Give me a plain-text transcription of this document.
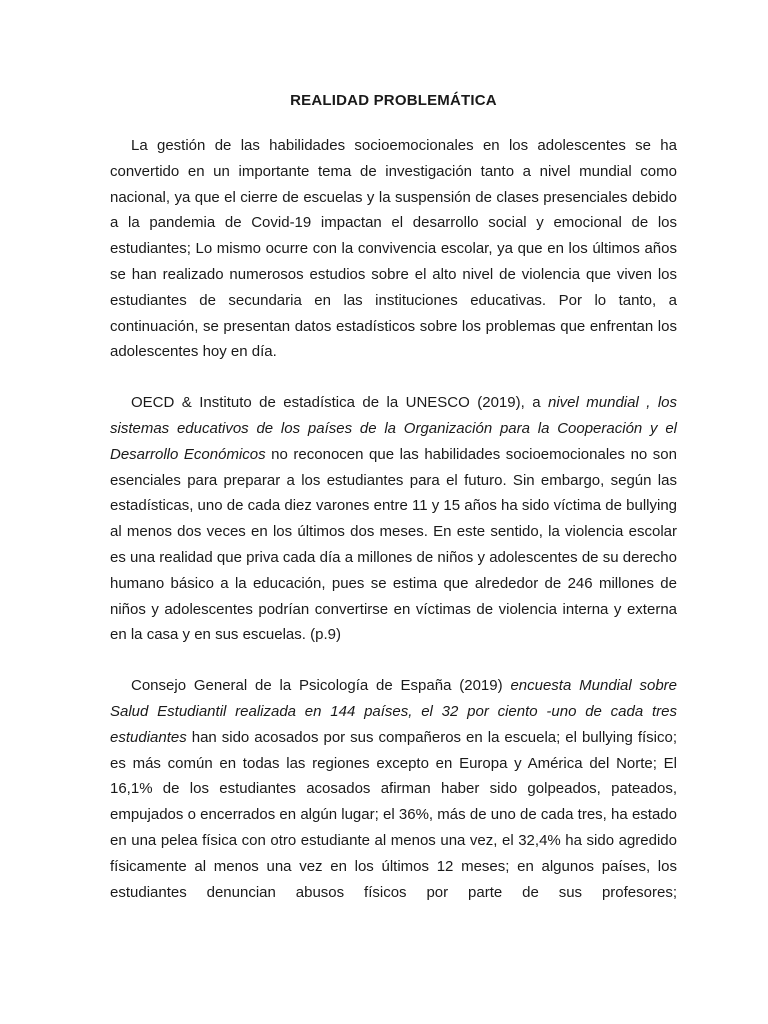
REALIDAD PROBLEMÁTICA

La gestión de las habilidades socioemocionales en los adolescentes se ha convertido en un importante tema de investigación tanto a nivel mundial como nacional, ya que el cierre de escuelas y la suspensión de clases presenciales debido a la pandemia de Covid-19 impactan el desarrollo social y emocional de los estudiantes; Lo mismo ocurre con la convivencia escolar, ya que en los últimos años se han realizado numerosos estudios sobre el alto nivel de violencia que viven los estudiantes de secundaria en las instituciones educativas. Por lo tanto, a continuación, se presentan datos estadísticos sobre los problemas que enfrentan los adolescentes hoy en día.

OECD & Instituto de estadística de la UNESCO (2019), a nivel mundial , los sistemas educativos de los países de la Organización para la Cooperación y el Desarrollo Económicos no reconocen que las habilidades socioemocionales no son esenciales para preparar a los estudiantes para el futuro. Sin embargo, según las estadísticas, uno de cada diez varones entre 11 y 15 años ha sido víctima de bullying al menos dos veces en los últimos dos meses. En este sentido, la violencia escolar es una realidad que priva cada día a millones de niños y adolescentes de su derecho humano básico a la educación, pues se estima que alrededor de 246 millones de niños y adolescentes podrían convertirse en víctimas de violencia interna y externa en la casa y en sus escuelas. (p.9)

Consejo General de la Psicología de España (2019) encuesta Mundial sobre Salud Estudiantil realizada en 144 países, el 32 por ciento -uno de cada tres estudiantes han sido acosados por sus compañeros en la escuela; el bullying físico; es más común en todas las regiones excepto en Europa y América del Norte; El 16,1% de los estudiantes acosados afirman haber sido golpeados, pateados, empujados o encerrados en algún lugar; el 36%, más de uno de cada tres, ha estado en una pelea física con otro estudiante al menos una vez, el 32,4% ha sido agredido físicamente al menos una vez en los últimos 12 meses; en algunos países, los estudiantes denuncian abusos físicos por parte de sus profesores;
